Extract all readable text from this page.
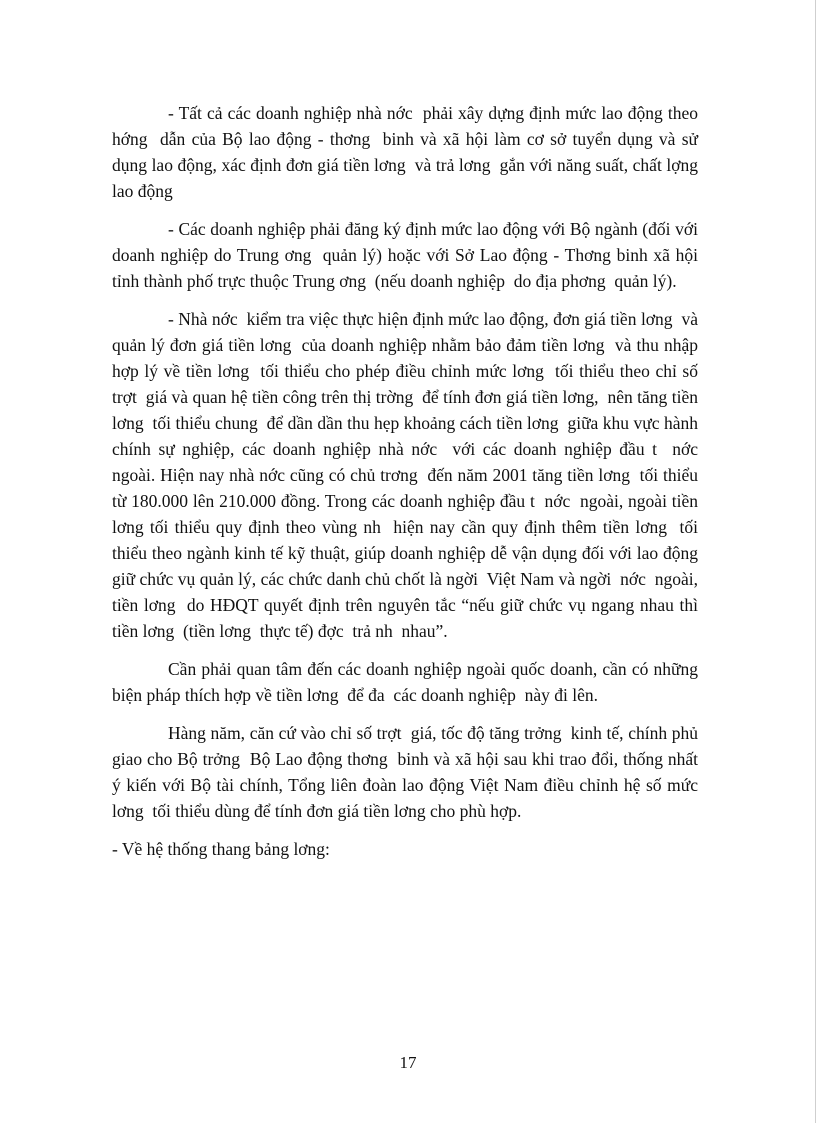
- Tất cả các doanh nghiệp nhà nớc  phải xây dựng định mức lao động theo hớng  dẫn của Bộ lao động - thơng  binh và xã hội làm cơ sở tuyển dụng và sử dụng lao động, xác định đơn giá tiền lơng  và trả lơng  gắn với năng suất, chất lợng  lao động

- Các doanh nghiệp phải đăng ký định mức lao động với Bộ ngành (đối với doanh nghiệp do Trung ơng  quản lý) hoặc với Sở Lao động - Thơng binh xã hội tỉnh thành phố trực thuộc Trung ơng  (nếu doanh nghiệp  do địa phơng  quản lý).

- Nhà nớc  kiểm tra việc thực hiện định mức lao động, đơn giá tiền lơng  và quản lý đơn giá tiền lơng  của doanh nghiệp nhằm bảo đảm tiền lơng  và thu nhập hợp lý về tiền lơng  tối thiểu cho phép điều chỉnh mức lơng  tối thiểu theo chỉ số trợt  giá và quan hệ tiền công trên thị trờng  để tính đơn giá tiền lơng,  nên tăng tiền lơng  tối thiểu chung  để dần dần thu hẹp khoảng cách tiền lơng  giữa khu vực hành chính sự nghiệp, các doanh nghiệp nhà nớc  với các doanh nghiệp đầu t  nớc  ngoài. Hiện nay nhà nớc cũng có chủ trơng  đến năm 2001 tăng tiền lơng  tối thiểu từ 180.000 lên 210.000 đồng. Trong các doanh nghiệp đầu t  nớc  ngoài, ngoài tiền lơng tối thiểu quy định theo vùng nh  hiện nay cần quy định thêm tiền lơng  tối thiểu theo ngành kinh tế kỹ thuật, giúp doanh nghiệp dễ vận dụng đối với lao động giữ chức vụ quản lý, các chức danh chủ chốt là ngời  Việt Nam và ngời  nớc  ngoài, tiền lơng  do HĐQT quyết định trên nguyên tắc “nếu giữ chức vụ ngang nhau thì tiền lơng  (tiền lơng  thực tế) đợc  trả nh  nhau”.

Cần phải quan tâm đến các doanh nghiệp ngoài quốc doanh, cần có những biện pháp thích hợp về tiền lơng  để đa  các doanh nghiệp  này đi lên.

Hàng năm, căn cứ vào chỉ số trợt  giá, tốc độ tăng trởng  kinh tế, chính phủ giao cho Bộ trởng  Bộ Lao động thơng  binh và xã hội sau khi trao đổi, thống nhất ý kiến với Bộ tài chính, Tổng liên đoàn lao động Việt Nam điều chỉnh hệ số mức lơng  tối thiểu dùng để tính đơn giá tiền lơng cho phù hợp.

- Về hệ thống thang bảng lơng:

17
